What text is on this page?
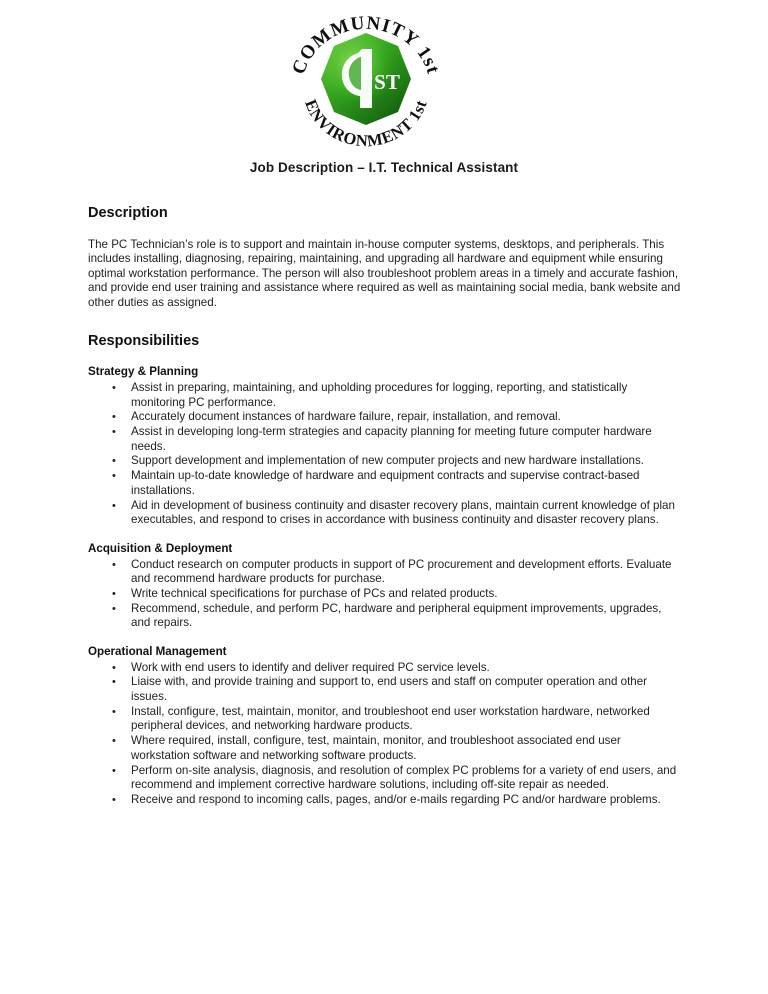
ST
COMMUNITY 1st
ENVIRONMENT 1st
Job Description – I.T. Technical Assistant
Description

The PC Technician’s role is to support and maintain in-house computer systems, desktops, and peripherals. This includes installing, diagnosing, repairing, maintaining, and upgrading all hardware and equipment while ensuring optimal workstation performance. The person will also troubleshoot problem areas in a timely and accurate fashion, and provide end user training and assistance where required as well as maintaining social media, bank website and other duties as assigned.

Responsibilities
Strategy & Planning
• Assist in preparing, maintaining, and upholding procedures for logging, reporting, and statistically monitoring PC performance.
• Accurately document instances of hardware failure, repair, installation, and removal.
• Assist in developing long-term strategies and capacity planning for meeting future computer hardware needs.
• Support development and implementation of new computer projects and new hardware installations.
• Maintain up-to-date knowledge of hardware and equipment contracts and supervise contract-based installations.
• Aid in development of business continuity and disaster recovery plans, maintain current knowledge of plan executables, and respond to crises in accordance with business continuity and disaster recovery plans.
Acquisition & Deployment
• Conduct research on computer products in support of PC procurement and development efforts. Evaluate and recommend hardware products for purchase.
• Write technical specifications for purchase of PCs and related products.
• Recommend, schedule, and perform PC, hardware and peripheral equipment improvements, upgrades, and repairs.
Operational Management
• Work with end users to identify and deliver required PC service levels.
• Liaise with, and provide training and support to, end users and staff on computer operation and other issues.
• Install, configure, test, maintain, monitor, and troubleshoot end user workstation hardware, networked peripheral devices, and networking hardware products.
• Where required, install, configure, test, maintain, monitor, and troubleshoot associated end user workstation software and networking software products.
• Perform on-site analysis, diagnosis, and resolution of complex PC problems for a variety of end users, and recommend and implement corrective hardware solutions, including off-site repair as needed.
• Receive and respond to incoming calls, pages, and/or e-mails regarding PC and/or hardware problems.
